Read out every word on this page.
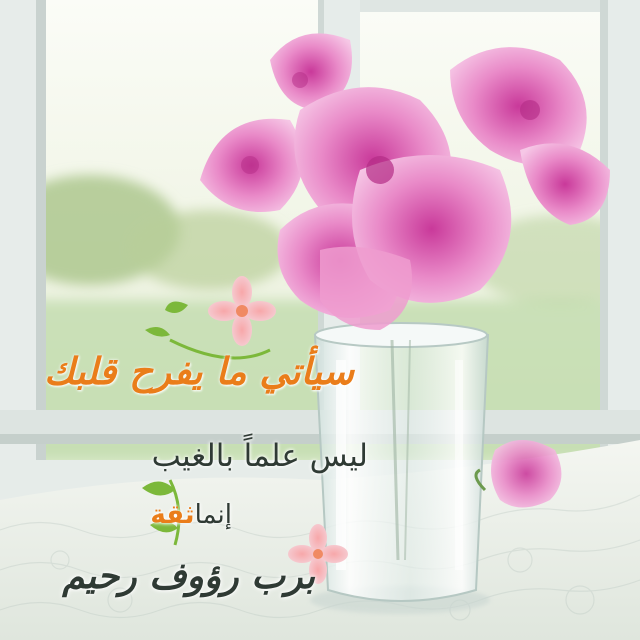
سيأتي ما يفرح قلبك

ليس علماً بالغيب

إنماثقة

برب رؤوف رحيم
